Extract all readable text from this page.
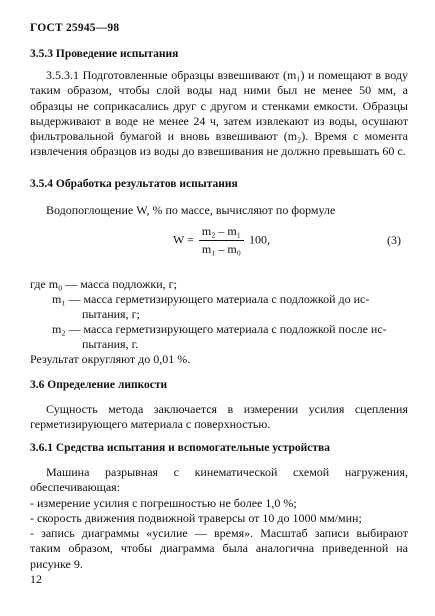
ГОСТ 25945—98
3.5.3 Проведение испытания
3.5.3.1 Подготовленные образцы взвешивают (m₁) и помещают в воду таким образом, чтобы слой воды над ними был не менее 50 мм, а образцы не соприкасались друг с другом и стенками емкости. Образцы выдерживают в воде не менее 24 ч, затем извлекают из воды, осушают фильтровальной бумагой и вновь взвешивают (m₂). Время с момента извлечения образцов из воды до взвешивания не должно превышать 60 с.
3.5.4 Обработка результатов испытания
Водопоглощение W, % по массе, вычисляют по формуле
$W = \frac{\text{m₂ – m₁}}{\text{m₁ – m₀}} 100$,	(3)
где m₀ — масса подложки, г;
m₁ — масса герметизирующего материала с подложкой до ис-
пытания, г;
m₂ — масса герметизирующего материала с подложкой после ис-
пытания, г.
Результат округляют до 0,01 %.
3.6 Определение липкости
Сущность метода заключается в измерении усилия сцепления герметизирующего материала с поверхностью.
3.6.1 Средства испытания и вспомогательные устройства
Машина разрывная с кинематической схемой нагружения, обеспечивающая:
- измерение усилия с погрешностью не более 1,0 %;
- скорость движения подвижной траверсы от 10 до 1000 мм/мин;
- запись диаграммы «усилие — время». Масштаб записи выбирают таким образом, чтобы диаграмма была аналогична приведенной на рисунке 9.
12
